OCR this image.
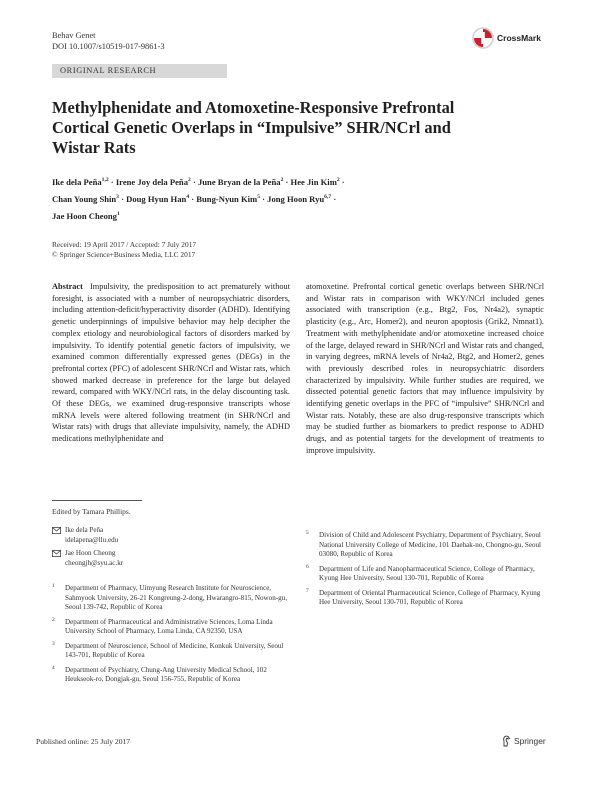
Behav Genet
DOI 10.1007/s10519-017-9861-3
CrossMark
ORIGINAL RESEARCH
Methylphenidate and Atomoxetine-Responsive Prefrontal Cortical Genetic Overlaps in “Impulsive” SHR/NCrl and Wistar Rats
Ike dela Peña$^{1,2}$ · Irene Joy dela Peña$^2$ · June Bryan de la Peña$^2$ · Hee Jin Kim$^2$ ·
Chan Young Shin$^3$ · Doug Hyun Han$^4$ · Bung-Nyun Kim$^5$ · Jong Hoon Ryu$^{6,7}$ ·
Jae Hoon Cheong$^1$
Received: 19 April 2017 / Accepted: 7 July 2017
© Springer Science+Business Media, LLC 2017
Abstract Impulsivity, the predisposition to act prematurely without foresight, is associated with a number of neuropsychiatric disorders, including attention-deficit/hyperactivity disorder (ADHD). Identifying genetic underpinnings of impulsive behavior may help decipher the complex etiology and neurobiological factors of disorders marked by impulsivity. To identify potential genetic factors of impulsivity, we examined common differentially expressed genes (DEGs) in the prefrontal cortex (PFC) of adolescent SHR/NCrl and Wistar rats, which showed marked decrease in preference for the large but delayed reward, compared with WKY/NCrl rats, in the delay discounting task. Of these DEGs, we examined drug-responsive transcripts whose mRNA levels were altered following treatment (in SHR/NCrl and Wistar rats) with drugs that alleviate impulsivity, namely, the ADHD medications methylphenidate and
atomoxetine. Prefrontal cortical genetic overlaps between SHR/NCrl and Wistar rats in comparison with WKY/NCrl included genes associated with transcription (e.g., Btg2, Fos, Nr4a2), synaptic plasticity (e.g., Arc, Homer2), and neuron apoptosis (Grik2, Nmnat1). Treatment with methylphenidate and/or atomoxetine increased choice of the large, delayed reward in SHR/NCrl and Wistar rats and changed, in varying degrees, mRNA levels of Nr4a2, Btg2, and Homer2, genes with previously described roles in neuropsychiatric disorders characterized by impulsivity. While further studies are required, we dissected potential genetic factors that may influence impulsivity by identifying genetic overlaps in the PFC of “impulsive” SHR/NCrl and Wistar rats. Notably, these are also drug-responsive transcripts which may be studied further as biomarkers to predict response to ADHD drugs, and as potential targets for the development of treatments to improve impulsivity.
Edited by Tamara Phillips.
Ike dela Peña
idelapena@llu.edu
Jae Hoon Cheong
cheongjh@syu.ac.kr
1 Department of Pharmacy, Uimyung Research Institute for Neuroscience, Sahmyook University, 26-21 Kongreung-2-dong, Hwarangro-815, Nowon-gu, Seoul 139-742, Republic of Korea
2 Department of Pharmaceutical and Administrative Sciences, Loma Linda University School of Pharmacy, Loma Linda, CA 92350, USA
3 Department of Neuroscience, School of Medicine, Konkuk University, Seoul 143-701, Republic of Korea
4 Department of Psychiatry, Chung-Ang University Medical School, 102 Heukseok-ro, Dongjak-gu, Seoul 156-755, Republic of Korea
5 Division of Child and Adolescent Psychiatry, Department of Psychiatry, Seoul National University College of Medicine, 101 Daehak-no, Chongno-gu, Seoul 03080, Republic of Korea
6 Department of Life and Nanopharmaceutical Science, College of Pharmacy, Kyung Hee University, Seoul 130-701, Republic of Korea
7 Department of Oriental Pharmaceutical Science, College of Pharmacy, Kyung Hee University, Seoul 130-701, Republic of Korea
Published online: 25 July 2017	Springer
